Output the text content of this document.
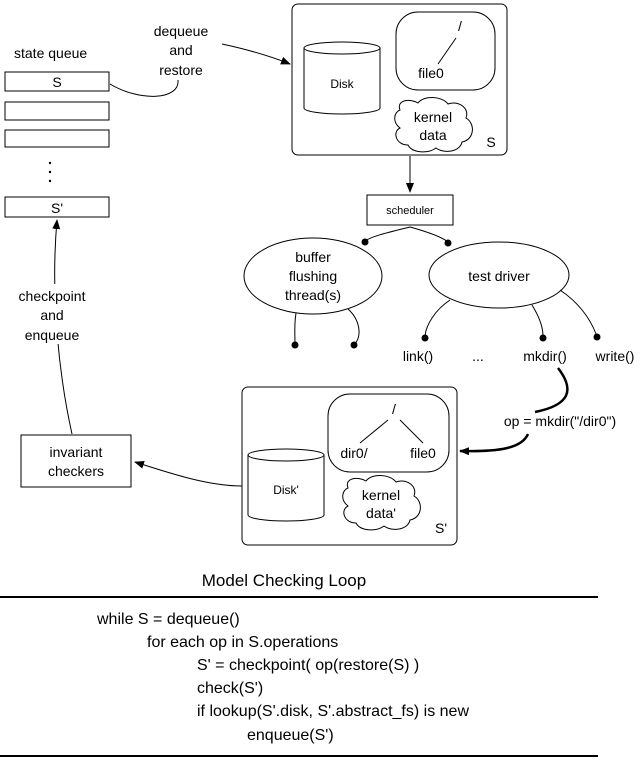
state queue
S
S'
dequeue
and
restore
Disk
/
file0
kernel
data	S
scheduler
buffer
flushing
thread(s)
test driver
link()	...	mkdir() write()
op = mkdir("/dir0")
Disk'
/
dir0/	file0
kernel
data'
S'
invariant
checkers
checkpoint
and
enqueue
Model Checking Loop
while S = dequeue()
for each op in S.operations
S' = checkpoint( op(restore(S) )
check(S')
if lookup(S'.disk, S'.abstract_fs) is new
enqueue(S')
